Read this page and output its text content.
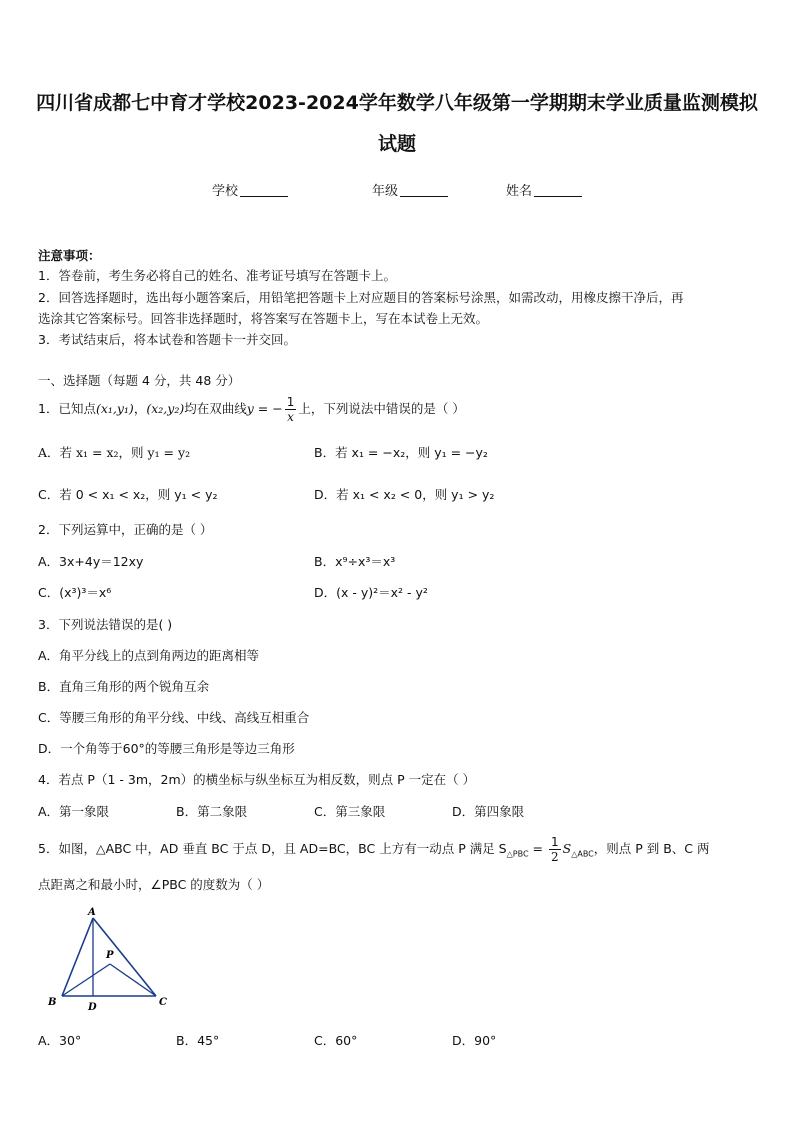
四川省成都七中育才学校2023-2024学年数学八年级第一学期期末学业质量监测模拟
试题
学校	年级	姓名
注意事项：
1．答卷前，考生务必将自己的姓名、准考证号填写在答题卡上。
2．回答选择题时，选出每小题答案后，用铅笔把答题卡上对应题目的答案标号涂黑，如需改动，用橡皮擦干净后，再
选涂其它答案标号。回答非选择题时，将答案写在答题卡上，写在本试卷上无效。
3．考试结束后，将本试卷和答题卡一并交回。
一、选择题（每题 4 分，共 48 分）
1．已知点(x₁,y₁)，(x₂,y₂)均在双曲线y = − $\frac{1}{x}$ 上，下列说法中错误的是（ ）
A．若 x₁ = x₂，则 y₁ = y₂	B．若 x₁ = −x₂，则 y₁ = −y₂
C．若 0 < x₁ < x₂，则 y₁ < y₂	D．若 x₁ < x₂ < 0，则 y₁ > y₂
2．下列运算中，正确的是（ ）
A．3x+4y＝12xy	B．x⁹÷x³＝x³
C．(x³)³＝x⁶	D．(x - y)²＝x² - y²
3．下列说法错误的是( )
A．角平分线上的点到角两边的距离相等
B．直角三角形的两个锐角互余
C．等腰三角形的角平分线、中线、高线互相重合
D．一个角等于60°的等腰三角形是等边三角形
4．若点 P（1 - 3m，2m）的横坐标与纵坐标互为相反数，则点 P 一定在（ ）
A．第一象限	B．第二象限	C．第三象限	D．第四象限
5．如图，△ABC 中，AD 垂直 BC 于点 D，且 AD=BC，BC 上方有一动点 P 满足 $S_{\triangle PBC} = \frac{1}{2} S_{\triangle ABC}$，则点 P 到 B、C 两
点距离之和最小时，∠PBC 的度数为（ ）
A
B	C
D
P
A．30°	B．45°	C．60°	D．90°
